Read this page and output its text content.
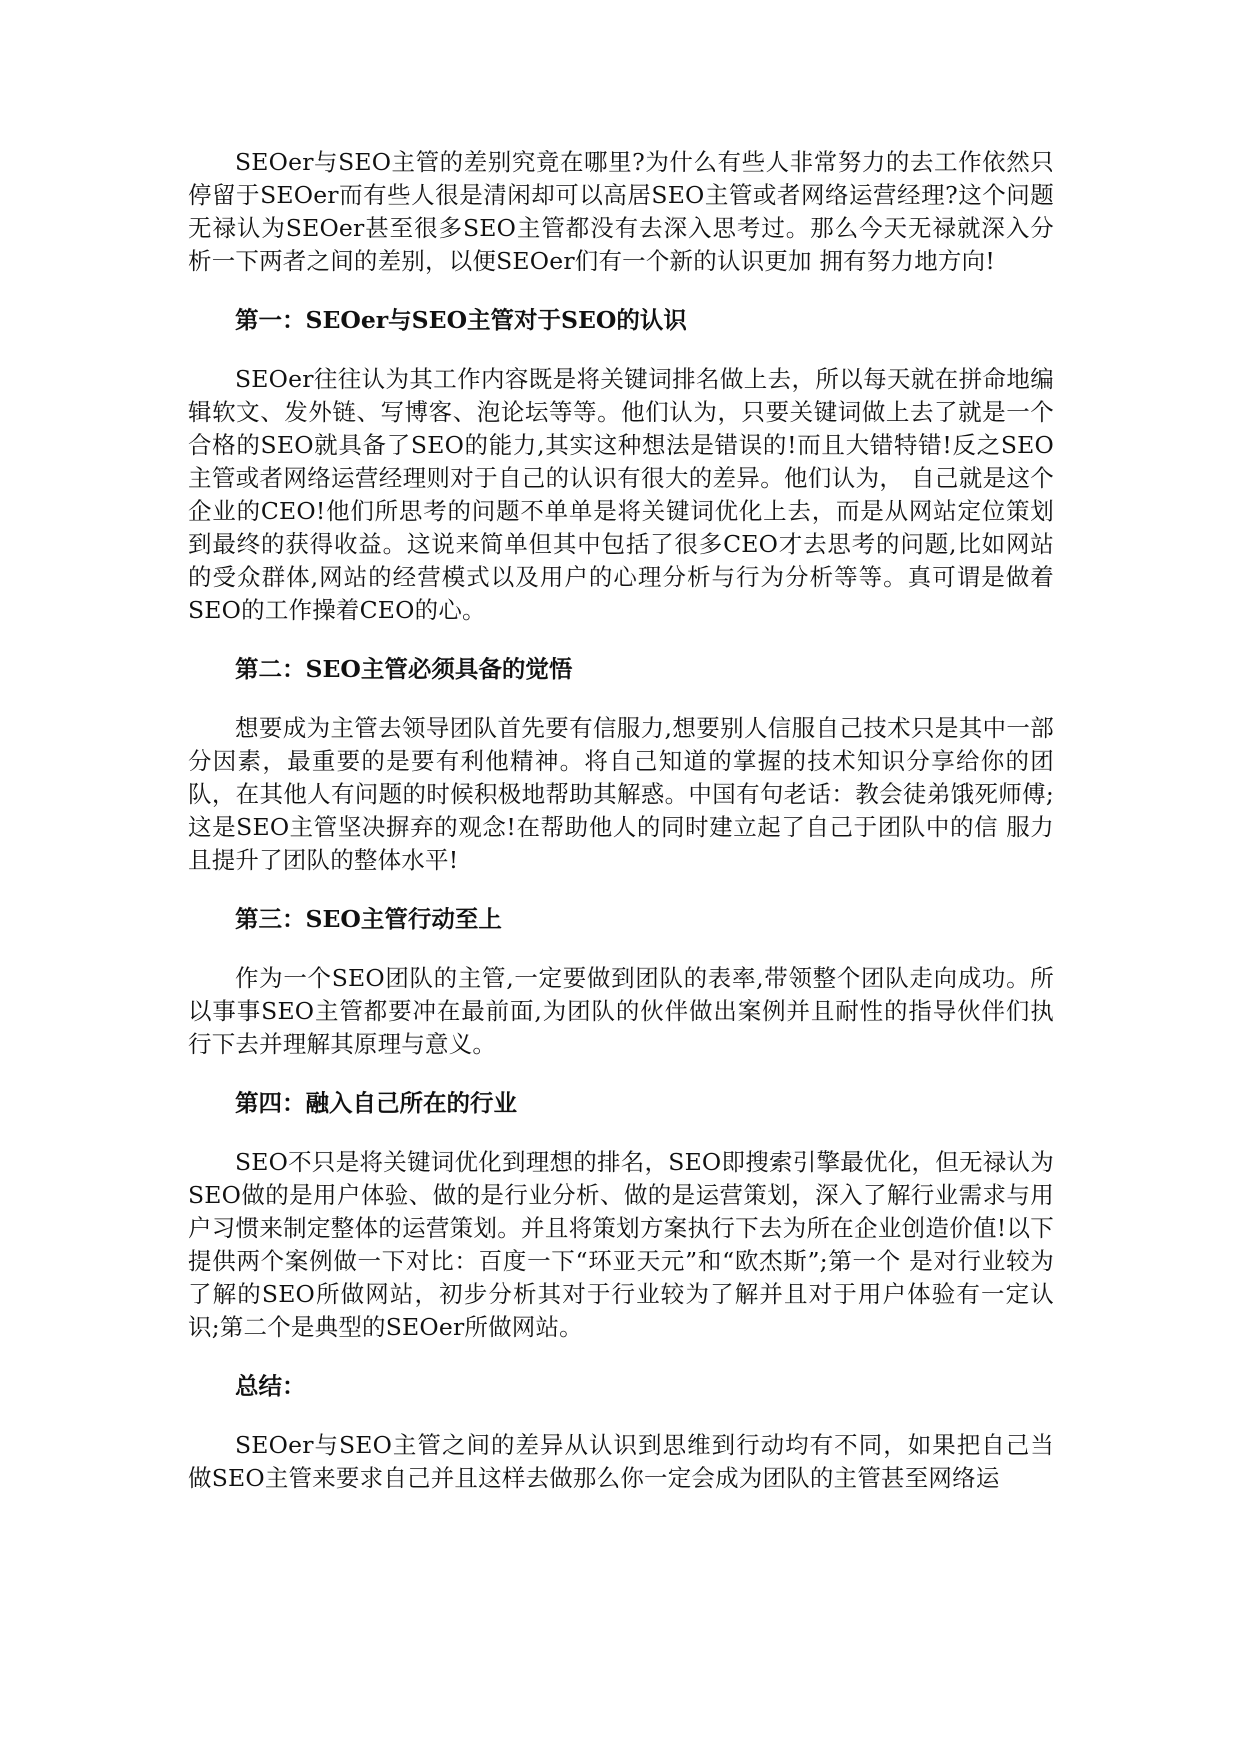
SEOer与SEO主管的差别究竟在哪里?为什么有些人非常努力的去工作依然只停留于SEOer而有些人很是清闲却可以高居SEO主管或者网络运营经理?这个问题无禄认为SEOer甚至很多SEO主管都没有去深入思考过。那么今天无禄就深入分析一下两者之间的差别，以便SEOer们有一个新的认识更加 拥有努力地方向!

第一：SEOer与SEO主管对于SEO的认识

SEOer往往认为其工作内容既是将关键词排名做上去，所以每天就在拼命地编辑软文、发外链、写博客、泡论坛等等。他们认为，只要关键词做上去了就是一个合格的SEO就具备了SEO的能力,其实这种想法是错误的!而且大错特错!反之SEO主管或者网络运营经理则对于自己的认识有很大的差异。他们认为， 自己就是这个企业的CEO!他们所思考的问题不单单是将关键词优化上去，而是从网站定位策划到最终的获得收益。这说来简单但其中包括了很多CEO才去思考的问题,比如网站的受众群体,网站的经营模式以及用户的心理分析与行为分析等等。真可谓是做着SEO的工作操着CEO的心。

第二：SEO主管必须具备的觉悟

想要成为主管去领导团队首先要有信服力,想要别人信服自己技术只是其中一部分因素，最重要的是要有利他精神。将自己知道的掌握的技术知识分享给你的团 队，在其他人有问题的时候积极地帮助其解惑。中国有句老话：教会徒弟饿死师傅;这是SEO主管坚决摒弃的观念!在帮助他人的同时建立起了自己于团队中的信 服力且提升了团队的整体水平!

第三：SEO主管行动至上

作为一个SEO团队的主管,一定要做到团队的表率,带领整个团队走向成功。所以事事SEO主管都要冲在最前面,为团队的伙伴做出案例并且耐性的指导伙伴们执行下去并理解其原理与意义。

第四：融入自己所在的行业

SEO不只是将关键词优化到理想的排名，SEO即搜索引擎最优化，但无禄认为SEO做的是用户体验、做的是行业分析、做的是运营策划，深入了解行业需求与用户习惯来制定整体的运营策划。并且将策划方案执行下去为所在企业创造价值!以下提供两个案例做一下对比：百度一下“环亚天元”和“欧杰斯”;第一个 是对行业较为了解的SEO所做网站，初步分析其对于行业较为了解并且对于用户体验有一定认识;第二个是典型的SEOer所做网站。

总结：

SEOer与SEO主管之间的差异从认识到思维到行动均有不同，如果把自己当做SEO主管来要求自己并且这样去做那么你一定会成为团队的主管甚至网络运
